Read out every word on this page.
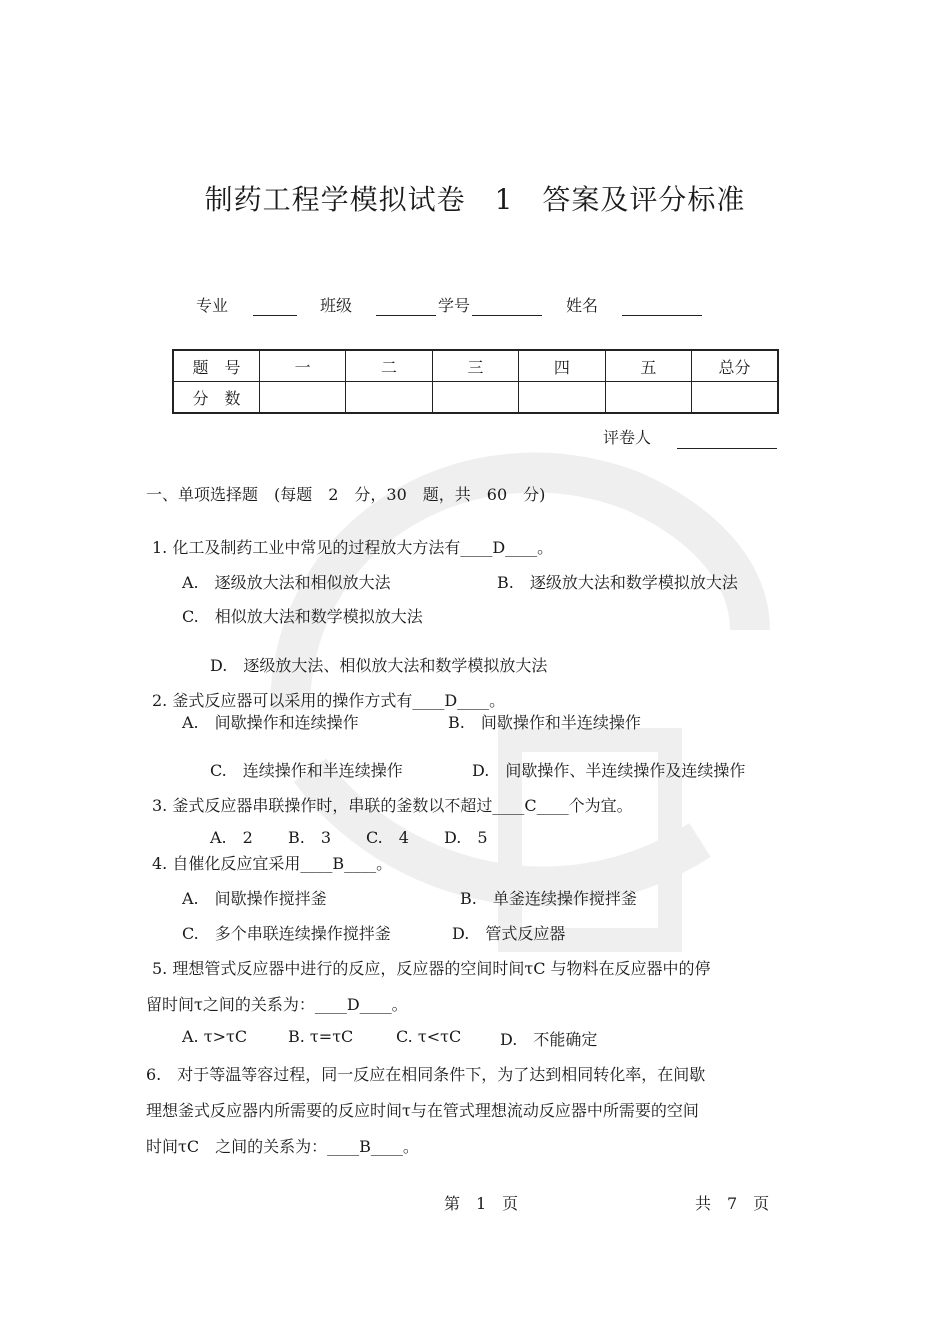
制药工程学模拟试卷　1　答案及评分标准
专业	班级	学号	姓名
题　号	一	二	三	四	五	总分
分　数						
评卷人
一、单项选择题　(每题　2　分，30　题，共　60　分)
1. 化工及制药工业中常见的过程放大方法有____D____。
A.　逐级放大法和相似放大法	B.　逐级放大法和数学模拟放大法
C.　相似放大法和数学模拟放大法
D.　逐级放大法、相似放大法和数学模拟放大法
2. 釜式反应器可以采用的操作方式有____D____。
A.　间歇操作和连续操作	B.　间歇操作和半连续操作
C.　连续操作和半连续操作	D.　间歇操作、半连续操作及连续操作
3. 釜式反应器串联操作时，串联的釜数以不超过____C____个为宜。
A.　2 B.　3 C.　4 D.　5
4. 自催化反应宜采用____B____。
A.　间歇操作搅拌釜	B.　单釜连续操作搅拌釜
C.　多个串联连续操作搅拌釜	D.　管式反应器
5. 理想管式反应器中进行的反应，反应器的空间时间τC 与物料在反应器中的停
留时间τ之间的关系为：____D____。
A. τ>τC	B. τ=τC	C. τ<τC D.　不能确定
6.　对于等温等容过程，同一反应在相同条件下，为了达到相同转化率，在间歇
理想釜式反应器内所需要的反应时间τ与在管式理想流动反应器中所需要的空间
时间τC　之间的关系为：____B____。
第　1　页	共　7　页
